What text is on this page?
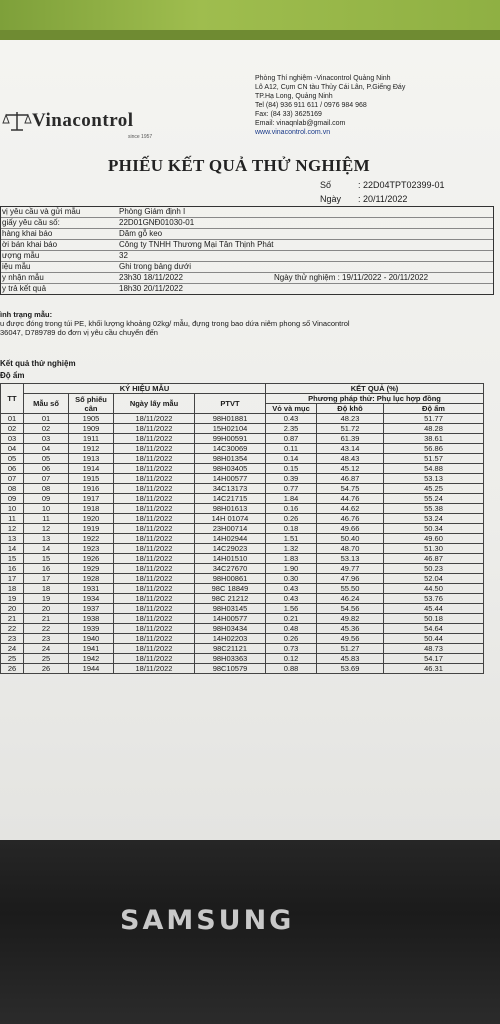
Phòng Thí nghiệm -Vinacontrol Quảng Ninh
Lô A12, Cụm CN tàu Thủy Cái Lân, P.Giếng Đáy
TP.Hạ Long, Quảng Ninh
Tel (84) 936 911 611 / 0976 984 968
Fax: (84 33) 3625169
Email: vinaqnlab@gmail.com
www.vinacontrol.com.vn
Vinacontrol
since 1957
PHIẾU KẾT QUẢ THỬ NGHIỆM
Số	: 22D04TPT02399-01
Ngày : 20/11/2022
vị yêu cầu và gửi mẫu	Phòng Giám định I
giấy yêu cầu số:	22D01GNĐ01030-01
hàng khai báo	Dăm gỗ keo
ời bán khai báo	Công ty TNHH Thương Mại Tân Thịnh Phát
ượng mẫu	32
iệu mẫu	Ghi trong bảng dưới
y nhận mẫu	23h30 18/11/2022	Ngày thử nghiệm : 19/11/2022 - 20/11/2022
y trả kết quả	18h30 20/11/2022
ình trạng mẫu:
u được đóng trong túi PE, khối lượng khoảng 02kg/ mẫu, đựng trong bao dứa niêm phong số Vinacontrol
36047, D789789 do đơn vị yêu cầu chuyển đến
Kết quả thử nghiệm
Độ ẩm
TT	KÝ HIỆU MẪU				KẾT QUẢ (%)		
	Mẫu số	Số phiếu cân	Ngày lấy mẫu	PTVT	Phương pháp thử: Phụ lục hợp đồng		
					Vỏ và mục	Độ khô	Độ ẩm
01	01	1905	18/11/2022	98H01881	0.43	48.23	51.77
02	02	1909	18/11/2022	15H02104	2.35	51.72	48.28
03	03	1911	18/11/2022	99H00591	0.87	61.39	38.61
04	04	1912	18/11/2022	14C30069	0.11	43.14	56.86
05	05	1913	18/11/2022	98H01354	0.14	48.43	51.57
06	06	1914	18/11/2022	98H03405	0.15	45.12	54.88
07	07	1915	18/11/2022	14H00577	0.39	46.87	53.13
08	08	1916	18/11/2022	34C13173	0.77	54.75	45.25
09	09	1917	18/11/2022	14C21715	1.84	44.76	55.24
10	10	1918	18/11/2022	98H01613	0.16	44.62	55.38
11	11	1920	18/11/2022	14H 01074	0.26	46.76	53.24
12	12	1919	18/11/2022	23H00714	0.18	49.66	50.34
13	13	1922	18/11/2022	14H02944	1.51	50.40	49.60
14	14	1923	18/11/2022	14C29023	1.32	48.70	51.30
15	15	1926	18/11/2022	14H01510	1.83	53.13	46.87
16	16	1929	18/11/2022	34C27670	1.90	49.77	50.23
17	17	1928	18/11/2022	98H00861	0.30	47.96	52.04
18	18	1931	18/11/2022	98C 18849	0.43	55.50	44.50
19	19	1934	18/11/2022	98C 21212	0.43	46.24	53.76
20	20	1937	18/11/2022	98H03145	1.56	54.56	45.44
21	21	1938	18/11/2022	14H00577	0.21	49.82	50.18
22	22	1939	18/11/2022	98H03434	0.48	45.36	54.64
23	23	1940	18/11/2022	14H02203	0.26	49.56	50.44
24	24	1941	18/11/2022	98C21121	0.73	51.27	48.73
25	25	1942	18/11/2022	98H03363	0.12	45.83	54.17
26	26	1944	18/11/2022	98C10579	0.88	53.69	46.31
SAMSUNG
